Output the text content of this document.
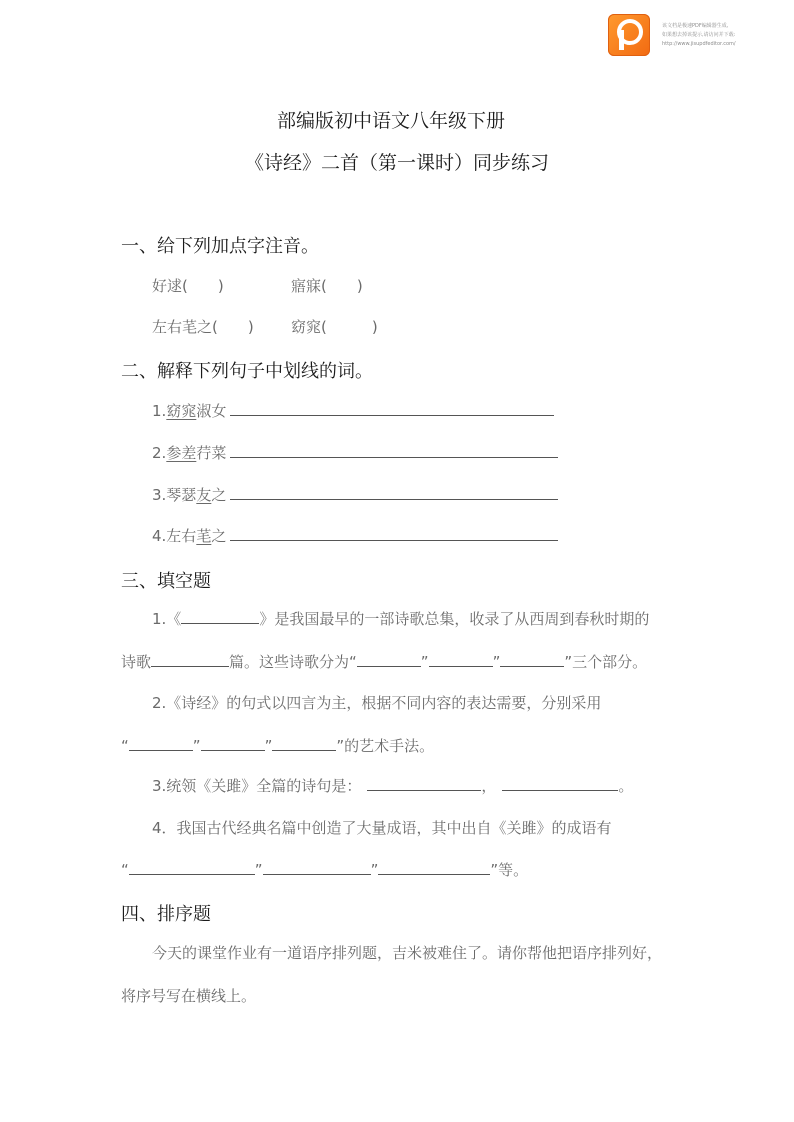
该文档是极速PDF编辑器生成,
如果想去掉该提示,请访问并下载:
http://www.jisupdfeditor.com/
部编版初中语文八年级下册
《诗经》二首（第一课时）同步练习
一、给下列加点字注音。
好逑(　　)	寤寐(　　)
左右芼之(　　) 窈窕(　　　)
二、解释下列句子中划线的词。
1.窈窕淑女
2.参差荇菜
3.琴瑟友之
4.左右芼之
三、填空题
1.《	》是我国最早的一部诗歌总集，收录了从西周到春秋时期的
诗歌	篇。这些诗歌分为“	”	”	”三个部分。
2.《诗经》的句式以四言为主，根据不同内容的表达需要，分别采用
“	”	”	”的艺术手法。
3.统领《关雎》全篇的诗句是：	，	。
4．我国古代经典名篇中创造了大量成语，其中出自《关雎》的成语有
“	”	”	”等。
四、排序题
今天的课堂作业有一道语序排列题，吉米被难住了。请你帮他把语序排列好，
将序号写在横线上。
